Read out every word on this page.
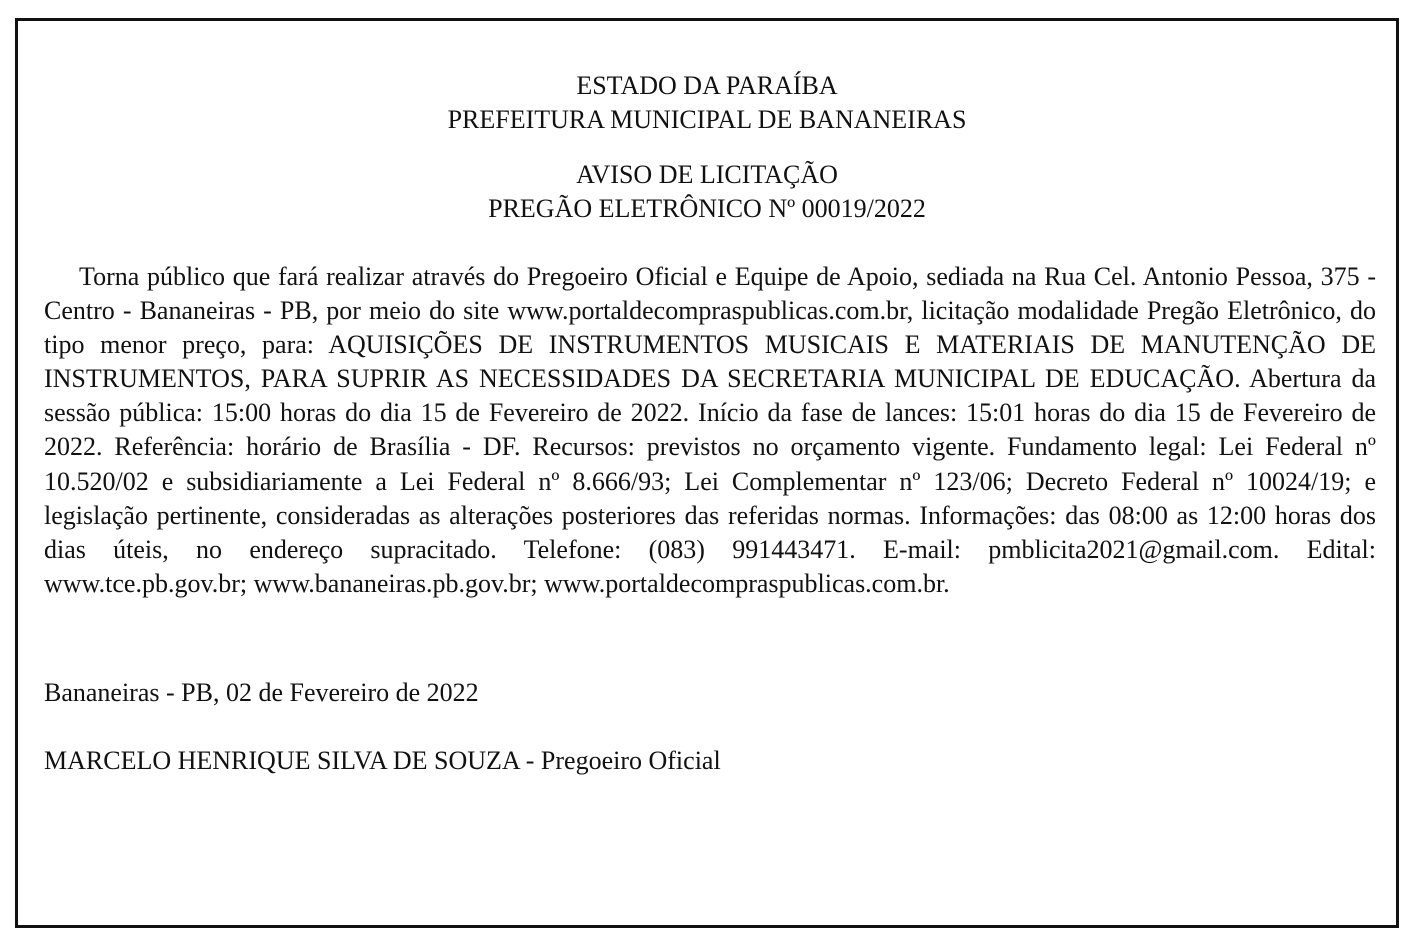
ESTADO DA PARAÍBA
PREFEITURA MUNICIPAL DE BANANEIRAS
AVISO DE LICITAÇÃO
PREGÃO ELETRÔNICO Nº 00019/2022

Torna público que fará realizar através do Pregoeiro Oficial e Equipe de Apoio, sediada na Rua Cel. Antonio Pessoa, 375 - Centro - Bananeiras - PB, por meio do site www.portaldecompraspublicas.com.br, licitação modalidade Pregão Eletrônico, do tipo menor preço, para: AQUISIÇÕES DE INSTRUMENTOS MUSICAIS E MATERIAIS DE MANUTENÇÃO DE INSTRUMENTOS, PARA SUPRIR AS NECESSIDADES DA SECRETARIA MUNICIPAL DE EDUCAÇÃO. Abertura da sessão pública: 15:00 horas do dia 15 de Fevereiro de 2022. Início da fase de lances: 15:01 horas do dia 15 de Fevereiro de 2022. Referência: horário de Brasília - DF. Recursos: previstos no orçamento vigente. Fundamento legal: Lei Federal nº 10.520/02 e subsidiariamente a Lei Federal nº 8.666/93; Lei Complementar nº 123/06; Decreto Federal nº 10024/19; e legislação pertinente, consideradas as alterações posteriores das referidas normas. Informações: das 08:00 as 12:00 horas dos dias úteis, no endereço supracitado. Telefone: (083) 991443471. E-mail: pmblicita2021@gmail.com. Edital: www.tce.pb.gov.br; www.bananeiras.pb.gov.br; www.portaldecompraspublicas.com.br.

Bananeiras - PB, 02 de Fevereiro de 2022
MARCELO HENRIQUE SILVA DE SOUZA - Pregoeiro Oficial
